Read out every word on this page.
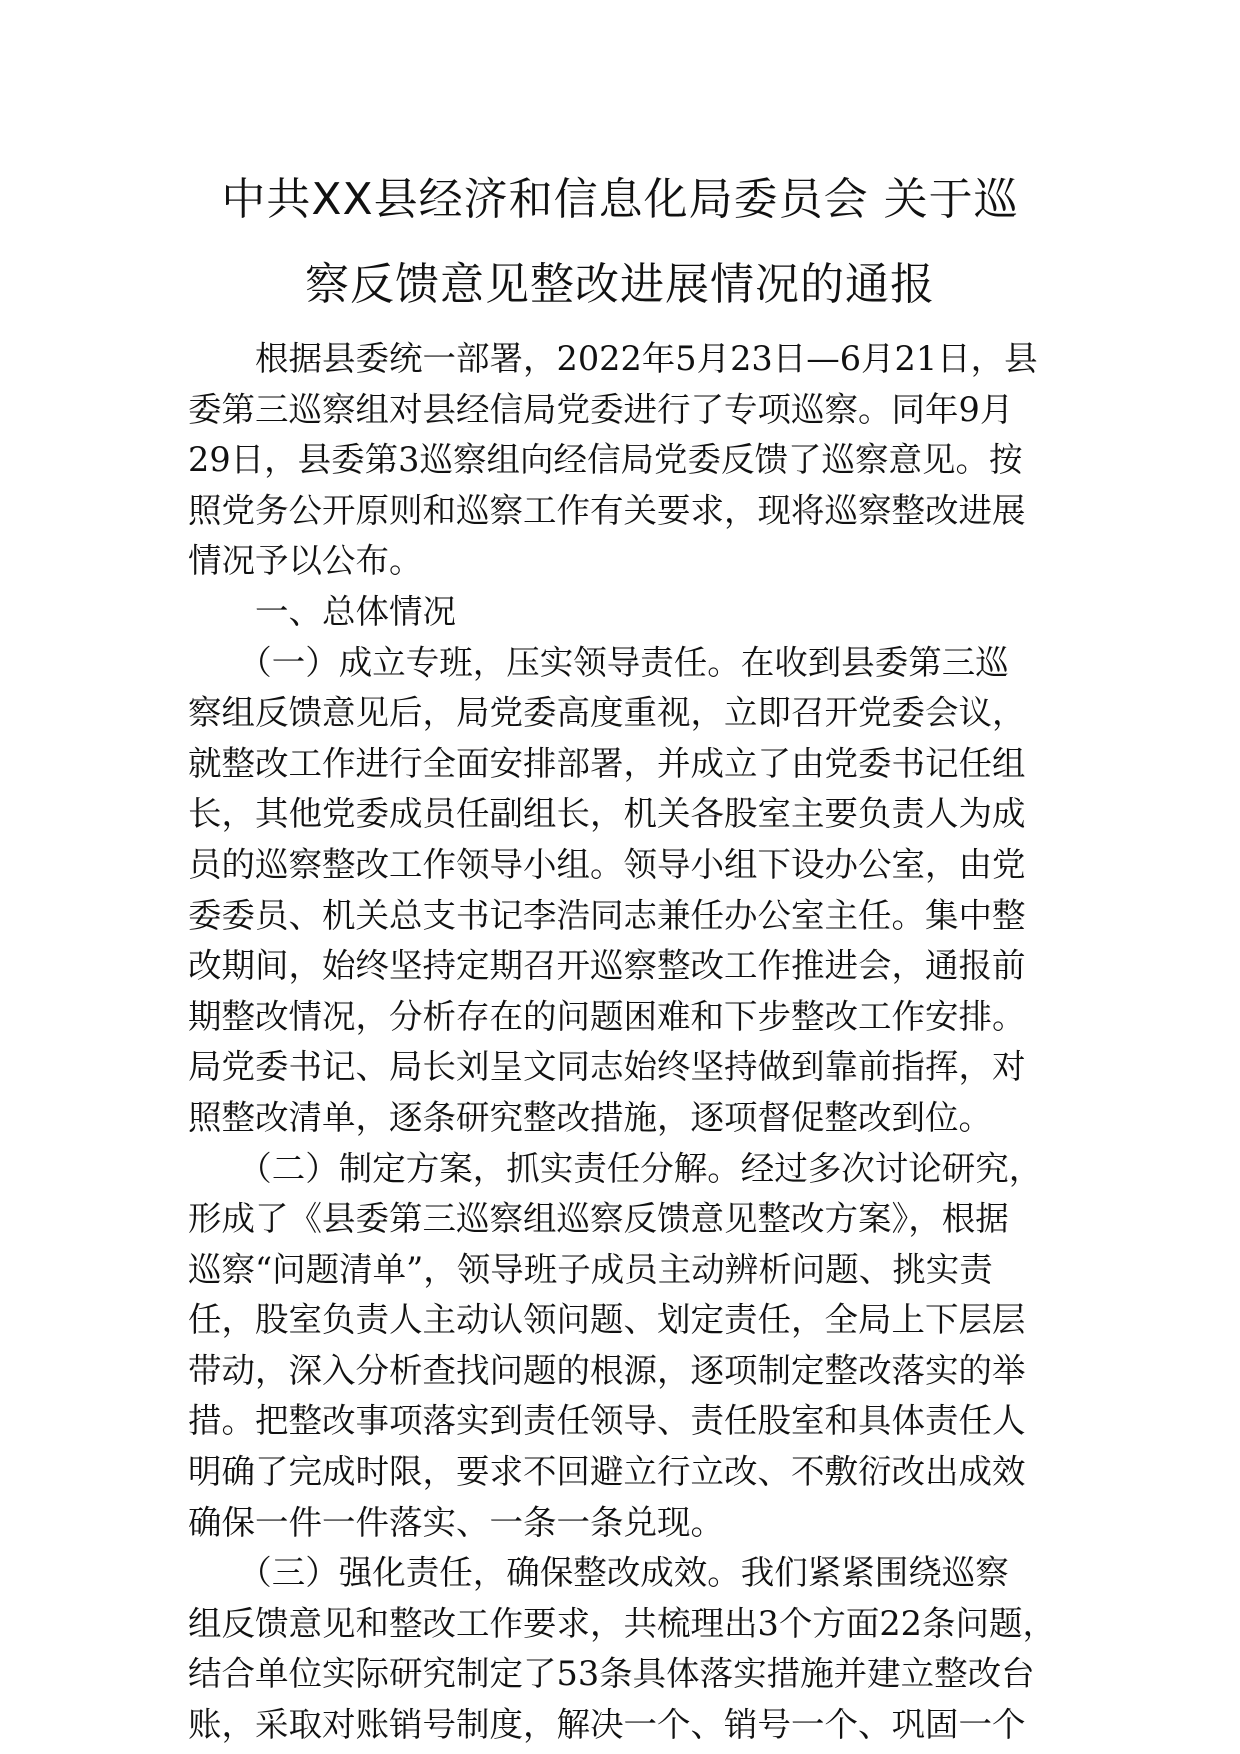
中共XX县经济和信息化局委员会 关于巡
察反馈意见整改进展情况的通报
　　根据县委统一部署，2022年5月23日—6月21日，县
委第三巡察组对县经信局党委进行了专项巡察。同年9月
29日，县委第3巡察组向经信局党委反馈了巡察意见。按
照党务公开原则和巡察工作有关要求，现将巡察整改进展
情况予以公布。
　　一、总体情况
　　（一）成立专班，压实领导责任。在收到县委第三巡
察组反馈意见后，局党委高度重视，立即召开党委会议，
就整改工作进行全面安排部署，并成立了由党委书记任组
长，其他党委成员任副组长，机关各股室主要负责人为成
员的巡察整改工作领导小组。领导小组下设办公室，由党
委委员、机关总支书记李浩同志兼任办公室主任。集中整
改期间，始终坚持定期召开巡察整改工作推进会，通报前
期整改情况，分析存在的问题困难和下步整改工作安排。
局党委书记、局长刘呈文同志始终坚持做到靠前指挥，对
照整改清单，逐条研究整改措施，逐项督促整改到位。
　　（二）制定方案，抓实责任分解。经过多次讨论研究，
形成了《县委第三巡察组巡察反馈意见整改方案》，根据
巡察“问题清单”，领导班子成员主动辨析问题、挑实责
任，股室负责人主动认领问题、划定责任，全局上下层层
带动，深入分析查找问题的根源，逐项制定整改落实的举
措。把整改事项落实到责任领导、责任股室和具体责任人
明确了完成时限，要求不回避立行立改、不敷衍改出成效
确保一件一件落实、一条一条兑现。
　　（三）强化责任，确保整改成效。我们紧紧围绕巡察
组反馈意见和整改工作要求，共梳理出3个方面22条问题，
结合单位实际研究制定了53条具体落实措施并建立整改台
账，采取对账销号制度，解决一个、销号一个、巩固一个
